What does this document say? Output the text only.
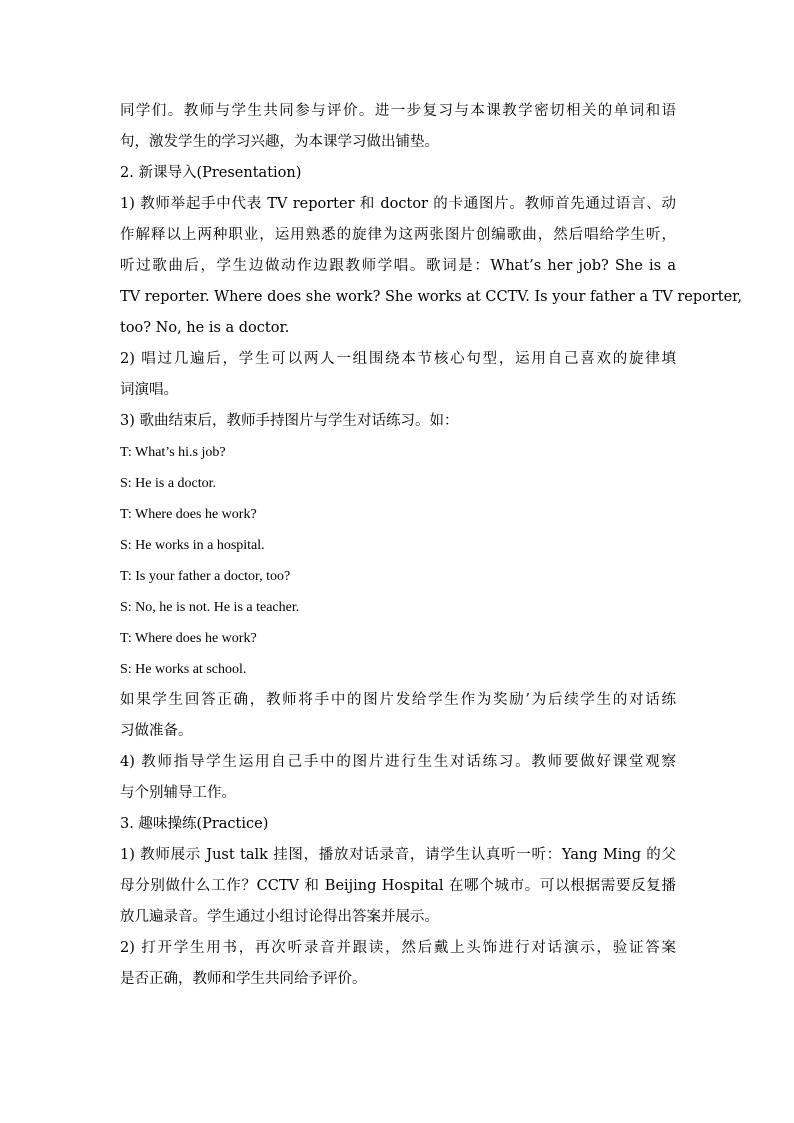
同学们。教师与学生共同参与评价。进一步复习与本课教学密切相关的单词和语
句，激发学生的学习兴趣，为本课学习做出铺垫。
2. 新课导入(Presentation)
1) 教师举起手中代表 TV reporter 和 doctor 的卡通图片。教师首先通过语言、动
作解释以上两种职业，运用熟悉的旋律为这两张图片创编歌曲，然后唱给学生听，
听过歌曲后，学生边做动作边跟教师学唱。歌词是：What’s her job? She is a
TV reporter. Where does she work? She works at CCTV. Is your father a TV reporter,
too? No, he is a doctor.
2) 唱过几遍后，学生可以两人一组围绕本节核心句型，运用自己喜欢的旋律填
词演唱。
3) 歌曲结束后，教师手持图片与学生对话练习。如：
T: What’s hi.s job?
S: He is a doctor.
T: Where does he work?
S: He works in a hospital.
T: Is your father a doctor, too?
S: No, he is not. He is a teacher.
T: Where does he work?
S: He works at school.
如果学生回答正确，教师将手中的图片发给学生作为奖励’为后续学生的对话练
习做准备。
4) 教师指导学生运用自己手中的图片进行生生对话练习。教师要做好课堂观察
与个别辅导工作。
3. 趣味操练(Practice)
1) 教师展示 Just talk 挂图，播放对话录音，请学生认真听一听：Yang Ming 的父
母分别做什么工作？CCTV 和 Beijing Hospital 在哪个城市。可以根据需要反复播
放几遍录音。学生通过小组讨论得出答案并展示。
2) 打开学生用书，再次听录音并跟读，然后戴上头饰进行对话演示，验证答案
是否正确，教师和学生共同给予评价。
